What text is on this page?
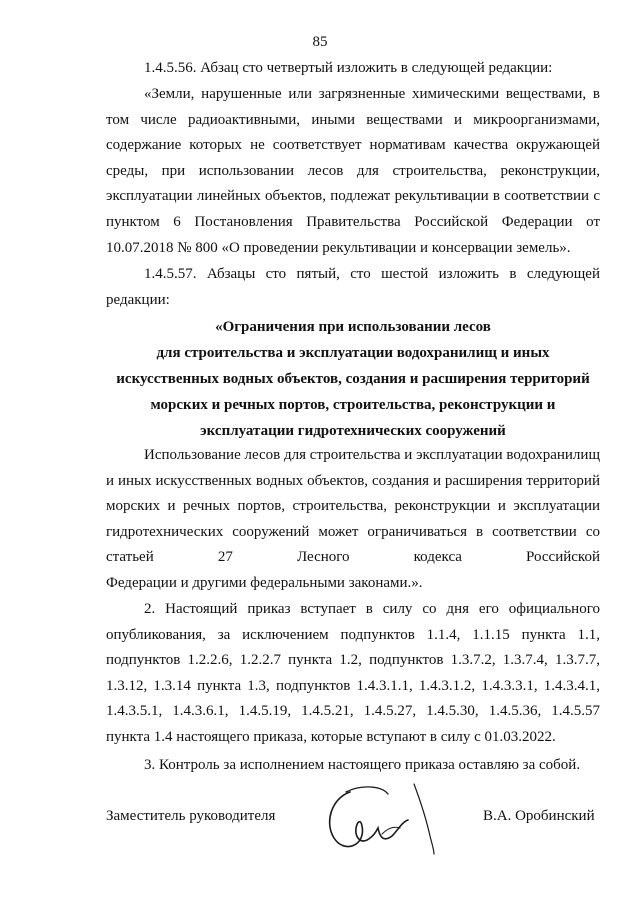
85

1.4.5.56. Абзац сто четвертый изложить в следующей редакции:

«Земли, нарушенные или загрязненные химическими веществами, в том числе радиоактивными, иными веществами и микроорганизмами, содержание которых не соответствует нормативам качества окружающей среды, при использовании лесов для строительства, реконструкции, эксплуатации линейных объектов, подлежат рекультивации в соответствии с пунктом 6 Постановления Правительства Российской Федерации от

10.07.2018 № 800 «О проведении рекультивации и консервации земель».

1.4.5.57. Абзацы сто пятый, сто шестой изложить в следующей

редакции:

«Ограничения при использовании лесов
для строительства и эксплуатации водохранилищ и иных
искусственных водных объектов, создания и расширения территорий
морских и речных портов, строительства, реконструкции и
эксплуатации гидротехнических сооружений

Использование лесов для строительства и эксплуатации водохранилищ и иных искусственных водных объектов, создания и расширения территорий морских и речных портов, строительства, реконструкции и эксплуатации гидротехнических сооружений может ограничиваться в соответствии со статьей 27 Лесного кодекса Российской

Федерации и другими федеральными законами.».

2. Настоящий приказ вступает в силу со дня его официального опубликования, за исключением подпунктов 1.1.4, 1.1.15 пункта 1.1, подпунктов 1.2.2.6, 1.2.2.7 пункта 1.2, подпунктов 1.3.7.2, 1.3.7.4, 1.3.7.7, 1.3.12, 1.3.14 пункта 1.3, подпунктов 1.4.3.1.1, 1.4.3.1.2, 1.4.3.3.1, 1.4.3.4.1, 1.4.3.5.1, 1.4.3.6.1, 1.4.5.19, 1.4.5.21, 1.4.5.27, 1.4.5.30, 1.4.5.36, 1.4.5.57

пункта 1.4 настоящего приказа, которые вступают в силу с 01.03.2022.

3. Контроль за исполнением настоящего приказа оставляю за собой.

Заместитель руководителя	В.А. Оробинский
